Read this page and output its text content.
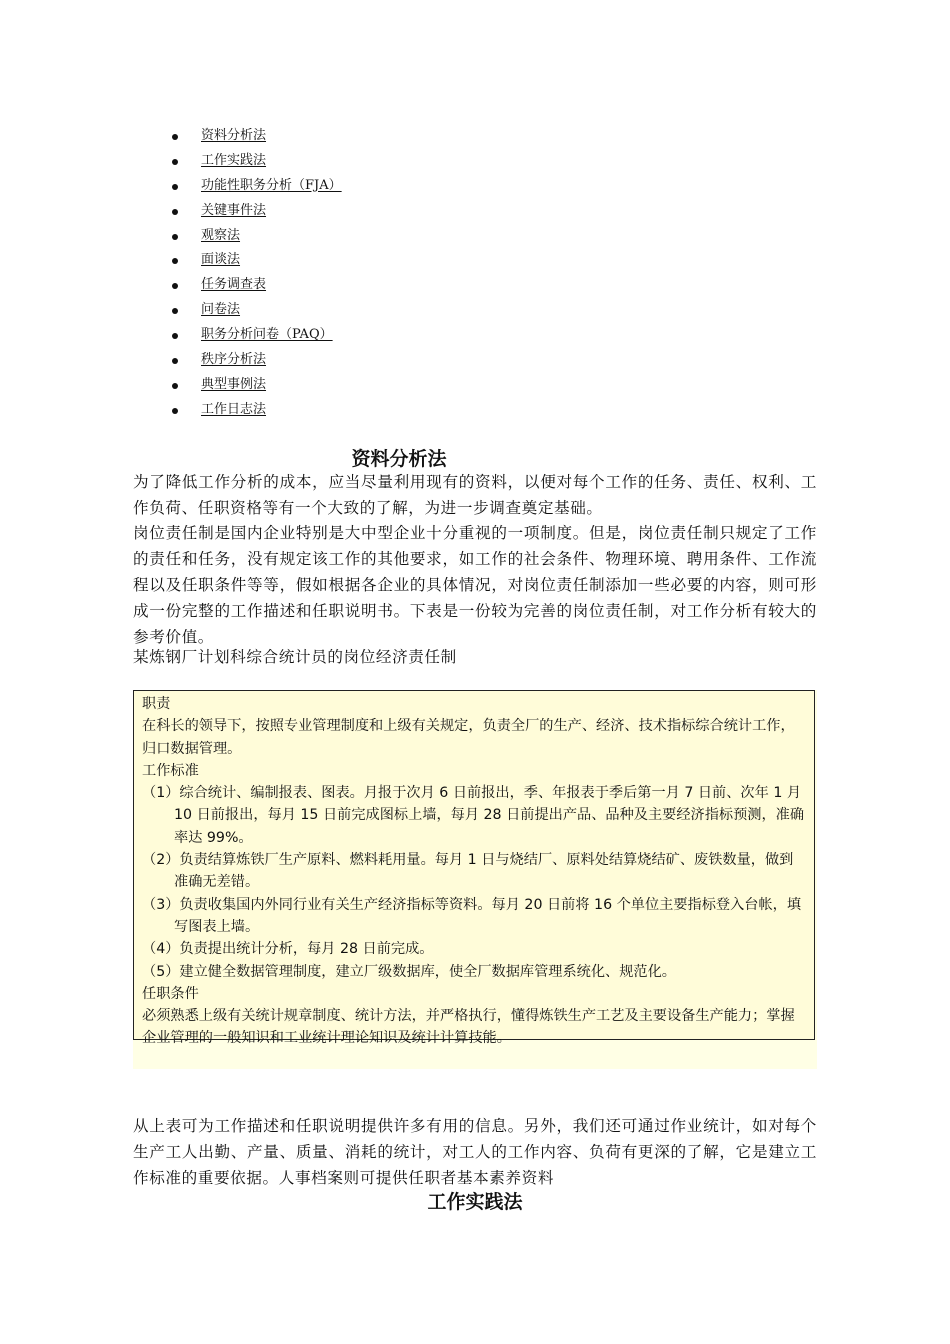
资料分析法
工作实践法
功能性职务分析（FJA）
关键事件法
观察法
面谈法
任务调查表
问卷法
职务分析问卷（PAQ）
秩序分析法
典型事例法
工作日志法
资料分析法

为了降低工作分析的成本，应当尽量利用现有的资料，以便对每个工作的任务、责任、权利、工作负荷、任职资格等有一个大致的了解，为进一步调查奠定基础。

岗位责任制是国内企业特别是大中型企业十分重视的一项制度。但是，岗位责任制只规定了工作的责任和任务，没有规定该工作的其他要求，如工作的社会条件、物理环境、聘用条件、工作流程以及任职条件等等，假如根据各企业的具体情况，对岗位责任制添加一些必要的内容，则可形成一份完整的工作描述和任职说明书。下表是一份较为完善的岗位责任制，对工作分析有较大的参考价值。

某炼钢厂计划科综合统计员的岗位经济责任制

职责
在科长的领导下，按照专业管理制度和上级有关规定，负责全厂的生产、经济、技术指标综合统计工作，归口数据管理。
工作标准
（1）综合统计、编制报表、图表。月报于次月 6 日前报出，季、年报表于季后第一月 7 日前、次年 1 月 10 日前报出，每月 15 日前完成图标上墙，每月 28 日前提出产品、品种及主要经济指标预测，准确率达 99%。
（2）负责结算炼铁厂生产原料、燃料耗用量。每月 1 日与烧结厂、原料处结算烧结矿、废铁数量，做到准确无差错。
（3）负责收集国内外同行业有关生产经济指标等资料。每月 20 日前将 16 个单位主要指标登入台帐，填写图表上墙。
（4）负责提出统计分析，每月 28 日前完成。
（5）建立健全数据管理制度，建立厂级数据库，使全厂数据库管理系统化、规范化。
任职条件
必须熟悉上级有关统计规章制度、统计方法，并严格执行，懂得炼铁生产工艺及主要设备生产能力；掌握企业管理的一般知识和工业统计理论知识及统计计算技能。

从上表可为工作描述和任职说明提供许多有用的信息。另外，我们还可通过作业统计，如对每个生产工人出勤、产量、质量、消耗的统计，对工人的工作内容、负荷有更深的了解，它是建立工作标准的重要依据。人事档案则可提供任职者基本素养资料

工作实践法
